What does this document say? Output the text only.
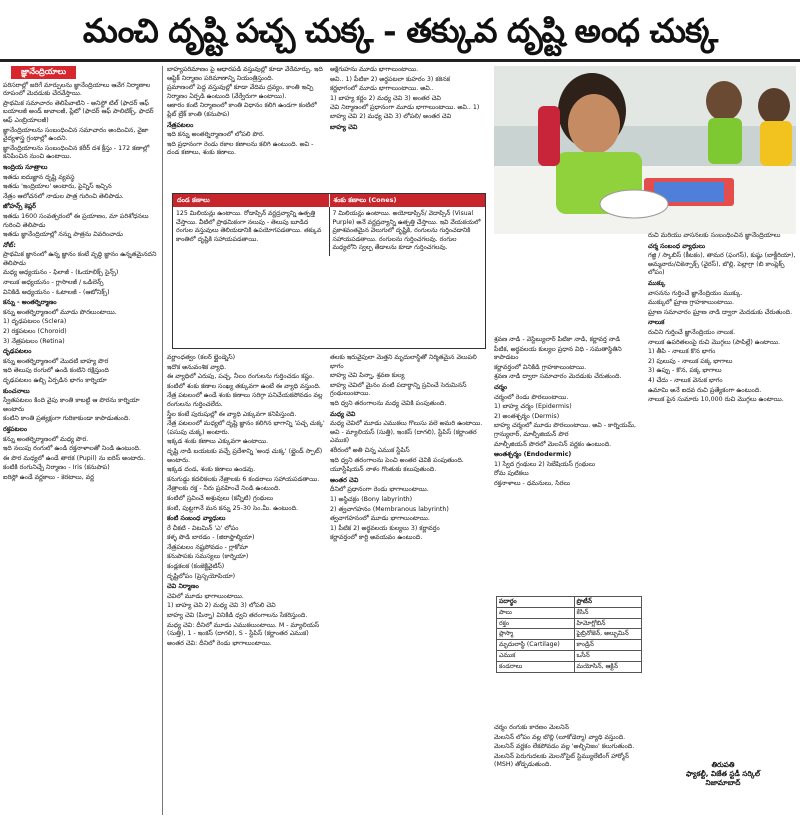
మంచి దృష్టి పచ్చ చుక్క - తక్కువ దృష్టి అంధ చుక్క
జ్ఞానేంద్రియాలు

పరిసరాల్లో జరిగే మార్పులను జ్ఞానేంద్రియాలు ఆవేగ నిర్మాణాల రూపంలో మెదడుకు చేరవేస్తాయి.

ప్రాథమిక సమాచారం తెలిపేవాటిని - అనిస్టో టిల్ (ఫాదర్ ఆఫ్ బయాలజీ అండ్ జువాలజీ, ప్లేటో (ఫాదర్ ఆఫ్ పాలిటిక్స్, ఫాదర్ ఆఫ్ ఎంబ్రియాలజీ)

జ్ఞానేంద్రియాలను సంబంధించిన సమాచారం అందించిన, వైజా వైద్యశాస్త్ర గ్రంథాల్లో ఉందని.

జ్ఞానేంద్రియాలను సంబంధించిన కరీర్ దశ క్రీస్తు - 172 కణాల్లో కనిపించిన నుంచి ఉంటాయి.

ఇంద్రియ సూత్రాలు

ఇతడు ఐదుజ్ఞాన దృష్టి వ్యవస్థ

ఇతడు 'ఇంద్రియాల' అంటారు, పైన్నిస్ ఇచ్చిన

నేత్రం ఆలోచనలో నాడుల పాత్ర గురించి తెలిపాడు.

జోహన్స్ కెప్లర్

ఇతడు 1600 సంవత్సరంలో ఈ ప్రయాణం, మా పరిశోధనలు గురించి తెలిపాడు

ఇతడు జ్ఞానేంద్రియాల్లో నన్ను పాత్రను వివరించాడు

నోట్:

ప్రాథమిక జ్ఞానంలో ఉన్న జ్ఞానం కంటే వృద్ధి జ్ఞానం ఉన్నతమైనదని తెలిపాడు

మధ్య అధ్యయనం - ఫిలాజీ - (ఓయాలిక్స్ సైన్స్)

నాలుక అధ్యయనం - గ్లాసాలజీ / ఒడిలెన్స్

వినికిడి అధ్యయనం - ఓటాలజీ - (ఆటోనిక్స్)

కన్ను - అంతర్నిర్మాణం

కన్ను అంతర్నిర్మాణంలో మూడు పొరలుంటాయి.

1) దృఢపటలం (Sclera)

2) రక్తపటలం (Choroid)

3) నేత్రపటలం (Retina)

దృఢపటలం

కన్ను అంతర్నిర్మాణంలో మొదటి బాహ్య పొర

ఇది తెలుపు రంగులో ఉండి కంటిని రక్షిస్తుంది

దృఢపటలం ఉబ్బి ఏర్పడిన భాగం కార్నియా

కుంచనాలు

స్వేతపటలం కింది వైపు కాంతి కాబట్టి ఆ పొరను కార్నియా అంటారు

కంటిని కాంతి ప్రత్యక్షంగా గురికాకుండా కాపాడుతుంది.

రక్తపటలం

కన్ను అంతర్నిర్మాణంలో మధ్య పొర.

ఇది నలుపు రంగులో ఉండి రక్తనాళాలతో నిండి ఉంటుంది.

ఈ పొర మధ్యలో ఉండే తారక (Pupil) ను ఐరిస్ అంటారు.

కంటికి రంగునిచ్చే నిర్మాణం - Iris (కనుపాప)

ఐరిస్లో ఉండే వర్ణకాలు - కెరటాలు, వర్ణ

బాహ్యపరిమాణం పై ఆధారపడి వస్తువుల్లో కూడా వేరేమార్పు, ఇది ఆప్టిక్ నిర్మాణం పరిమాణాన్ని నియంత్రిస్తుంది.

ప్రమాణంలో పెద్ద వస్తువుల్లో కూడా వేదిమ ద్రవ్యం, కాంతి ఇచ్చి నిర్మాణం ఏర్పడి ఉంటుంది (వేర్వేరుగా ఉంటాయి).

ఆకారం కంటి నిర్మాణంలో కాంతి విధానం కలిగి ఉండగా కంటిలో ప్లేట్ బ్రేక్ కాంతి (కనుపాప)

నేత్రపటలం

ఇది కన్ను అంతర్నిర్మాణంలో లోపలి పొర.

ఇది ప్రధానంగా రెండు రకాల కణాలను కలిగి ఉంటుంది. అవి - దండ కణాలు, శంకు కణాలు.

అక్షిగుహను మూడు భాగాలుంటాయి.

అవి.. 1) పీటికా 2) అర్థపటలా కుహరం 3) కఠినక

కర్ణభాగంలో మూడు భాగాలుంటాయి. అవి..

1) బాహ్య కర్ణం 2) మధ్య చెవి 3) అంతర చెవి

చెవి నిర్మాణంలో ప్రధానంగా మూడు భాగాలుంటాయి. అవి.. 1) బాహ్య చెవి 2) మధ్య చెవి 3) లోపలి/ అంతర చెవి

బాహ్య చెవి
దండ కణాలు	శంకు కణాలు (Cones)
125 మిలియన్లు ఉంటాయి. రోడాప్సిన్ వర్ణద్రవ్యాన్ని ఉత్పత్తి చేస్తాయి. వీటిలో ప్రాథమికంగా నలుపు - తెలుపు బూడిద రంగుల వస్తువులు తెలియడానికి ఉపయోగపడతాయి. తక్కువ కాంతిలో దృష్టికి సహాయపడతాయి.
7 మిలియన్లు ఉంటాయి. అయోడాప్సిన్/ వెదాప్సిన్ (Visual Purple) అనే వర్ణద్రవ్యాన్ని ఉత్పత్తి చేస్తాయి. ఇవి వేయకయలో ప్రకాశవంతమైన వెలుగులో దృష్టికి, రంగులను గుర్తించడానికి సహాయపడతాయి. రంగులను గుర్తించగలవు. రంగుల మధ్యలోని స్వల్ప తేడాలను కూడా గుర్తించగలవు.

వర్ణాంధత్వం (కలర్ బ్లైండ్నెస్)

ఇదొక అనువంశిక వ్యాధి.

ఈ వ్యాధిలో ఎరుపు, పచ్చ, నీలం రంగులను గుర్తించడం కష్టం.

కంటిలో శంకు కణాల సంఖ్య తక్కువగా ఉంటే ఈ వ్యాధి వస్తుంది.

నేత్ర పటలంలో ఉండే శంకు కణాలు సరిగ్గా పనిచేయకపోవడం వల్ల రంగులను గుర్తించలేరు.

స్త్రీల కంటే పురుషుల్లో ఈ వ్యాధి ఎక్కువగా కనిపిస్తుంది.

నేత్ర పటలంలో మధ్యలో దృష్టి జ్ఞానం కలిగిన భాగాన్ని 'పచ్చ చుక్క' (పసుపు చుక్క) అంటారు.

ఇక్కడ శంకు కణాలు ఎక్కువగా ఉంటాయి.

దృష్టి నాడి బయటకు వచ్చే ప్రదేశాన్ని 'అంధ చుక్క' (బ్లైండ్ స్పాట్) అంటారు.

ఇక్కడ దండ, శంకు కణాలు ఉండవు.

కనుగుడ్డు కదలికలకు నేత్రాలకు 6 కండరాలు సహాయపడతాయి.

నేత్రాలకు రక్త - నీరు ప్రవహించే నిండి ఉంటుంది.

కంటిలో స్రవించే అశ్రువులు (కన్నీటి) గ్రంథులు

కంటి, పుట్టగానే మన కన్ను 25-30 సెం.మీ. ఉంటుంది.

కంటి సంబంధ వ్యాధులు

రే చీకటి - విటమిన్ 'ఎ' లోపం

కళ్ళ పొడి బారడం - (జిరాఫ్తాల్మియా)

నేత్రపటలం నష్టపోవడం - గ్లాకోమా

కనుపాపకు సమస్యలు (కార్నియా)

కండ్లకలక (కంజెక్టివైటిస్)

దృష్టిలోపం (ప్రెస్బయోపియా)

చెవి నిర్మాణం

చెవిలో మూడు భాగాలుంటాయి.

1) బాహ్య చెవి 2) మధ్య చెవి 3) లోపలి చెవి

బాహ్య చెవి (పిన్నా) వినికిడి ధ్వని తరంగాలను సేకరిస్తుంది.

మధ్య చెవి: దీనిలో మూడు ఎముకలుంటాయి. M - మ్యాలియస్ (సుత్తి), 1 - ఇంకస్ (దాగలి), S - స్టేపిస్ (కర్ణాంతర ఎముక)

అంతర చెవి: దీనిలో రెండు భాగాలుంటాయి.

తలకు ఇరువైపులా మెత్తని మృదులాస్థితో నిర్మితమైన వెలుపలి భాగం

బాహ్య చెవి పిన్నా, శ్రవణ కుల్య

బాహ్య చెవిలో మైనం వంటి పదార్థాన్ని స్రవించే సెరుమినస్ గ్రంథులుంటాయి.

ఇది ధ్వని తరంగాలను మధ్య చెవికి పంపుతుంది.

మధ్య చెవి

మధ్య చెవిలో మూడు ఎముకలు గొలుసు వలె అమరి ఉంటాయి. అవి - మ్యాలియస్ (సుత్తి), ఇంకస్ (దాగలి), స్టేపిస్ (కర్ణాంతర ఎముక)

శరీరంలో అతి చిన్న ఎముక స్టేపిస్

ఇది ధ్వని తరంగాలను పెంచి అంతర చెవికి పంపుతుంది.

యూస్టేషియన్ నాళం గొంతుకు కలుపుతుంది.

అంతర చెవి

దీనిలో ప్రధానంగా రెండు భాగాలుంటాయి.

1) అస్థిచక్రం (Bony labyrinth)

2) త్వచాగహనం (Membranous labyrinth)

త్వచాగహనంలో మూడు భాగాలుంటాయి.

1) పీటిక 2) అర్థవలయ కుల్యలు 3) కర్ణావర్తం

కర్ణావర్తంలో కార్టి అవయవం ఉంటుంది.

శ్రవణ నాడి - వెస్టిబ్యులార్ పీటికా నాడి, కర్ణావర్త నాడి

పీటిక, అర్థవలయ కుల్యల ప్రధాన విధి - సమతాస్థితిని కాపాడటం

కర్ణావర్తంలో వినికిడి గ్రాహకాలుంటాయి.

శ్రవణ నాడి ద్వారా సమాచారం మెదడుకు చేరుతుంది.

చర్మం

చర్మంలో రెండు పొరలుంటాయి.

1) బాహ్య చర్మం (Epidermis)

2) అంతశ్చర్మం (Dermis)

బాహ్య చర్మంలో మూడు పొరలుంటాయి. అవి - కార్నియమ్, గ్రాన్యులార్, మాల్పీజియన్ పొర

మాల్పీజియన్ పొరలో మెలనిన్ వర్ణకం ఉంటుంది.

అంతశ్చర్మం (Endodermic)

1) స్వేద గ్రంథులు 2) సెబేషియస్ గ్రంథులు

రోమ పుటికలు

రక్తనాళాలు - ధమనులు, సిరలు

పదార్థం	ప్రొటీన్
పాలు	కేసిన్
రక్తం	హిమోగ్లోబిన్
ప్లాస్మా	ఫైబ్రినోజెన్, అల్బుమిన్
మృదులాస్థి (Cartilage)	కాండ్రిన్
ఎముక	ఒసీన్
కండరాలు	మయోసిన్, ఆక్టిన్

చర్మం రంగుకు కారణం మెలనిన్

మెలనిన్ లోపం వల్ల బొల్లి (లూకోడెర్మా) వ్యాధి వస్తుంది.

మెలనిన్ వర్ణకం లేకపోవడం వల్ల 'అల్బినిజం' కలుగుతుంది.

మెలనిన్ పెరుగుదలకు మెలనోసైట్ స్టిమ్యులేటింగ్ హార్మోన్ (MSH) తోడ్పడుతుంది.

రుచి మరియు వాసనలకు సంబంధించిన జ్ఞానేంద్రియాలు

చర్మ సంబంధ వ్యాధులు

గజ్జి / స్కాబిస్ (కీటకం), తామర (ఫంగస్), కుష్ఠు (బాక్టీరియా), అమ్మవారు/చికెన్పాక్స్ (వైరస్), బొల్లి, పెల్లాగ్రా (బి కాంప్లెక్స్ లోపం)

ముక్కు

వాసనను గుర్తించే జ్ఞానేంద్రియం ముక్కు.

ముక్కులో ఘ్రాణ గ్రాహకాలుంటాయి.

ఘ్రాణ సమాచారం ఘ్రాణ నాడి ద్వారా మెదడుకు చేరుతుంది.

నాలుక

రుచిని గుర్తించే జ్ఞానేంద్రియం నాలుక.

నాలుక ఉపరితలంపై రుచి మొగ్గలు (పాపిల్లే) ఉంటాయి.

1) తీపి - నాలుక కొన భాగం

2) పులుపు - నాలుక పక్క భాగాలు

3) ఉప్పు - కొన, పక్క భాగాలు

4) చేదు - నాలుక వెనుక భాగం

ఉమామి అనే ఐదవ రుచి ప్రత్యేకంగా ఉంటుంది.

నాలుక పైన సుమారు 10,000 రుచి మొగ్గలు ఉంటాయి.

తిరుపతి
ఫ్యాకల్టీ, విజేత స్టడీ సర్కిల్
నిజామాబాద్
